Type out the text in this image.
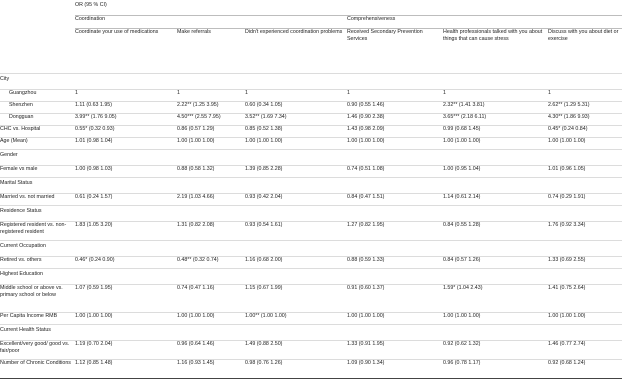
	OR (95 % CI)					
	Coordination			Comprehensiveness		
	Coordinate your use of medications	Make referrals	Didn't experienced coordination problems	Received Secondary Prevention Services	Health professionals talked with you about things that can cause stress	Discuss with you about diet or exercise
City						
Guangzhou	1	1	1	1	1	1
Shenzhen	1.11 (0.63 1.95)	2.22** (1.25 3.95)	0.60 (0.34 1.05)	0.90 (0.55 1.46)	2.32** (1.41 3.81)	2.62** (1.29 5.31)
Dongguan	3.99** (1.76 9.05)	4.50*** (2.55 7.95)	3.52** (1.69 7.34)	1.46 (0.90 2.38)	3.65*** (2.18 6.11)	4.30** (1.86 9.93)
CHC vs. Hospital	0.55* (0.32 0.93)	0.86 (0.57 1.29)	0.85 (0.52 1.38)	1.43 (0.98 2.09)	0.99 (0.68 1.45)	0.45* (0.24 0.84)
Age (Mean)	1.01 (0.98 1.04)	1.00 (1.00 1.00)	1.00 (1.00 1.00)	1.00 (1.00 1.00)	1.00 (1.00 1.00)	1.00 (1.00 1.00)
Gender						
Female vs male	1.00 (0.98 1.03)	0.88 (0.58 1.32)	1.39 (0.85 2.28)	0.74 (0.51 1.08)	1.00 (0.95 1.04)	1.01 (0.96 1.05)
Marital Status						
Married vs. not married	0.61 (0.24 1.57)	2.19 (1.03 4.66)	0.93 (0.42 2.04)	0.84 (0.47 1.51)	1.14 (0.61 2.14)	0.74 (0.29 1.91)
Residence Status						
Registered resident vs. non-registered resident	1.83 (1.05 3.20)	1.31 (0.82 2.08)	0.93 (0.54 1.61)	1.27 (0.82 1.95)	0.84 (0.55 1.28)	1.76 (0.92 3.34)
Current Occupation						
Retired vs. others	0.46* (0.24 0.90)	0.48** (0.32 0.74)	1.16 (0.68 2.00)	0.88 (0.59 1.33)	0.84 (0.57 1.26)	1.33 (0.69 2.55)
Highest Education						
Middle school or above vs. primary school or below	1.07 (0.59 1.95)	0.74 (0.47 1.16)	1.15 (0.67 1.99)	0.91 (0.60 1.37)	1.59* (1.04 2.43)	1.41 (0.75 2.64)
Per Capita Income RMB	1.00 (1.00 1.00)	1.00 (1.00 1.00)	1.00** (1.00 1.00)	1.00 (1.00 1.00)	1.00 (1.00 1.00)	1.00 (1.00 1.00)
Current Health Status						
Excellent/very good/ good vs. fair/poor	1.19 (0.70 2.04)	0.96 (0.64 1.46)	1.49 (0.88 2.50)	1.33 (0.91 1.95)	0.92 (0.62 1.32)	1.46 (0.77 2.74)
Number of Chronic Conditions	1.12 (0.85 1.48)	1.16 (0.93 1.45)	0.98 (0.76 1.26)	1.09 (0.90 1.34)	0.96 (0.78 1.17)	0.92 (0.68 1.24)
